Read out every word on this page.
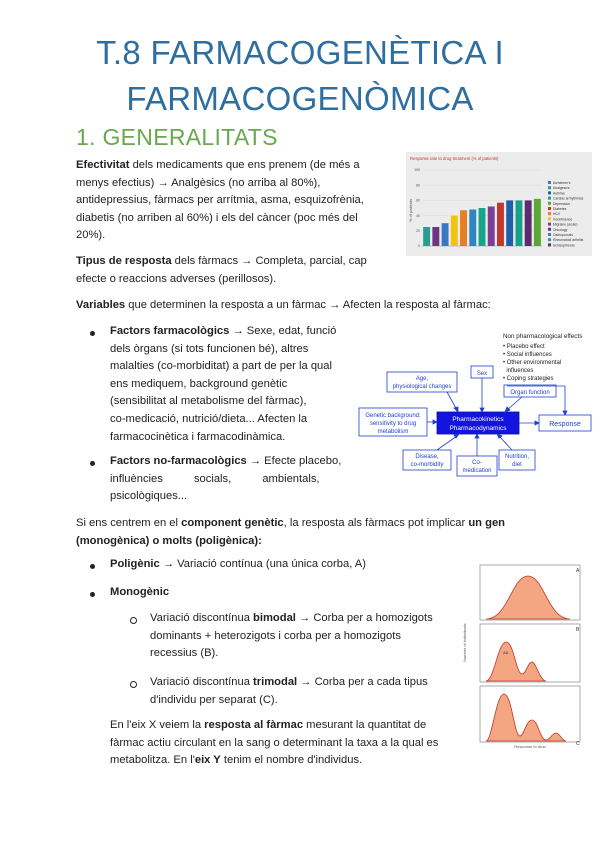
T.8 FARMACOGENÈTICA I
FARMACOGENÒMICA
1. GENERALITATS
Efectivitat dels medicaments que ens prenem (de més a
menys efectius) → Analgèsics (no arriba al 80%),
antidepressius, fàrmacs per arrítmia, asma, esquizofrènia,
diabetis (no arriben al 60%) i els del càncer (poc més del
20%).
Response rate to drug treatment (% of patients)
0
20
40
60
80
100
Alzheimer's
Analgesics
Asthma
Cardiac arrhythmias
Depression
Diabetes
HCV
Incontinence
Migraine (acute)
Oncology
Osteoporosis
Rheumatoid arthritis
Schizophrenia
% of patients
Tipus de resposta dels fàrmacs → Completa, parcial, cap
efecte o reaccions adverses (perillosos).
Variables que determinen la resposta a un fàrmac → Afecten la resposta al fàrmac:
Factors farmacològics → Sexe, edat, funció
dels òrgans (si tots funcionen bé), altres
malalties (co-morbiditat) a part de per la qual
ens mediquem, background genètic
(sensibilitat al metabolisme del fàrmac),
co-medicació, nutrició/dieta... Afecten la
farmacocinètica i farmacodinàmica.
Factors no-farmacològics → Efecte placebo,
influències          socials,          ambientals,
psicològiques...
Non pharmacological effects
• Placebo effect
• Social influences
• Other environmental
influences
• Coping strategies
Age,
physiological changes
Sex
Organ function
Genetic background;
sensitivity to drug
metabolism
Pharmacokinetics
Pharmacodynamics
Response
Disease,
co-morbidity	Co-
medication
Nutrition,
diet
Si ens centrem en el component genètic, la resposta als fàrmacs pot implicar un gen
(monogènica) o molts (poligènica):
Poligènic → Variació contínua (una única corba, A)
Monogènic
Variació discontínua bimodal → Corba per a homozigots
dominants + heterozigots i corba per a homozigots
recessius (B).
Variació discontínua trimodal → Corba per a cada tipus
d'individu per separat (C).
En l'eix X veiem la resposta al fàrmac mesurant la quantitat de
fàrmac actiu circulant en la sang o determinant la taxa a la qual es
metabolitza. En l'eix Y tenim el nombre d'individus.
Number of individuals
A
AA
B
C
Response to drug
